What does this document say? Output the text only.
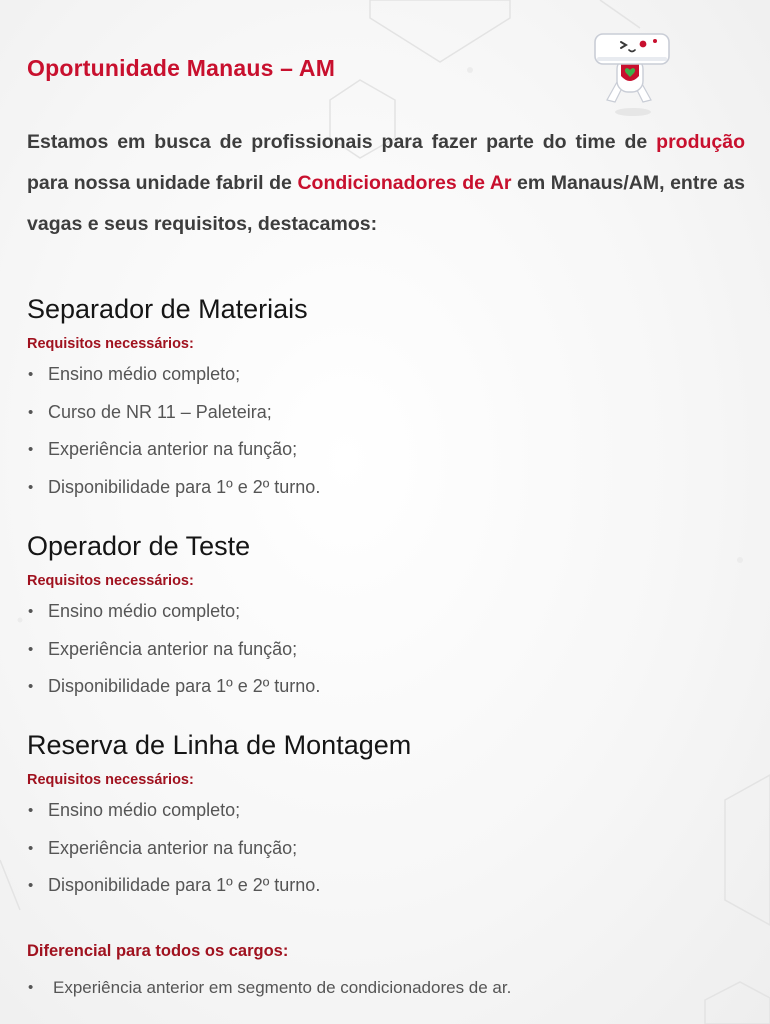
Oportunidade Manaus – AM

Estamos em busca de profissionais para fazer parte do time de produção para nossa unidade fabril de Condicionadores de Ar em Manaus/AM, entre as vagas e seus requisitos, destacamos:

Separador de Materiais

Requisitos necessários:

• Ensino médio completo;
• Curso de NR 11 – Paleteira;
• Experiência anterior na função;
• Disponibilidade para 1º e 2º turno.
Operador de Teste

Requisitos necessários:

• Ensino médio completo;
• Experiência anterior na função;
• Disponibilidade para 1º e 2º turno.
Reserva de Linha de Montagem

Requisitos necessários:

• Ensino médio completo;
• Experiência anterior na função;
• Disponibilidade para 1º e 2º turno.

Diferencial para todos os cargos:

• Experiência anterior em segmento de condicionadores de ar.
